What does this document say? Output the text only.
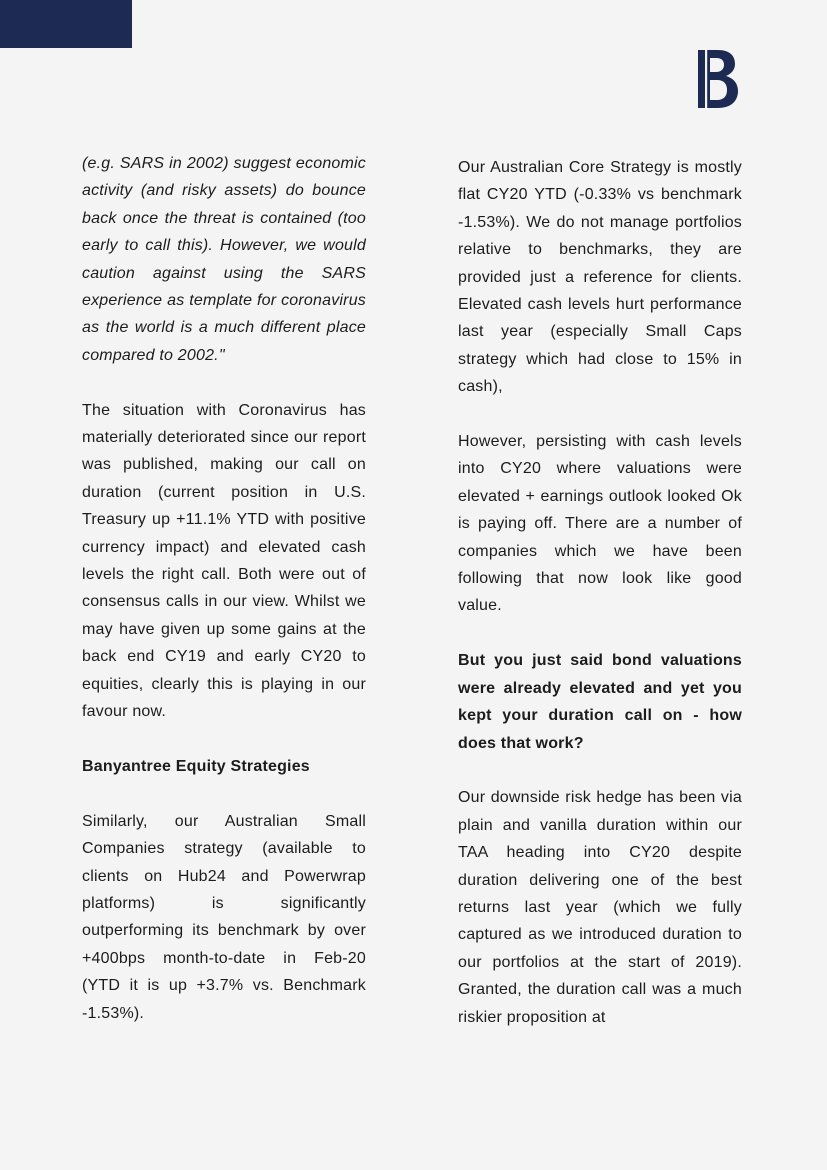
(e.g. SARS in 2002) suggest economic activity (and risky assets) do bounce back once the threat is contained (too early to call this). However, we would caution against using the SARS experience as template for coronavirus as the world is a much different place compared to 2002."

The situation with Coronavirus has materially deteriorated since our report was published, making our call on duration (current position in U.S. Treasury up +11.1% YTD with positive currency impact) and elevated cash levels the right call. Both were out of consensus calls in our view. Whilst we may have given up some gains at the back end CY19 and early CY20 to equities, clearly this is playing in our favour now.

Banyantree Equity Strategies

Similarly, our Australian Small Companies strategy (available to clients on Hub24 and Powerwrap platforms) is significantly outperforming its benchmark by over +400bps month-to-date in Feb-20 (YTD it is up +3.7% vs. Benchmark -1.53%).

Our Australian Core Strategy is mostly flat CY20 YTD (-0.33% vs benchmark -1.53%). We do not manage portfolios relative to benchmarks, they are provided just a reference for clients. Elevated cash levels hurt performance last year (especially Small Caps strategy which had close to 15% in cash),

However, persisting with cash levels into CY20 where valuations were elevated + earnings outlook looked Ok is paying off. There are a number of companies which we have been following that now look like good value.

But you just said bond valuations were already elevated and yet you kept your duration call on - how does that work?

Our downside risk hedge has been via plain and vanilla duration within our TAA heading into CY20 despite duration delivering one of the best returns last year (which we fully captured as we introduced duration to our portfolios at the start of 2019). Granted, the duration call was a much riskier proposition at
